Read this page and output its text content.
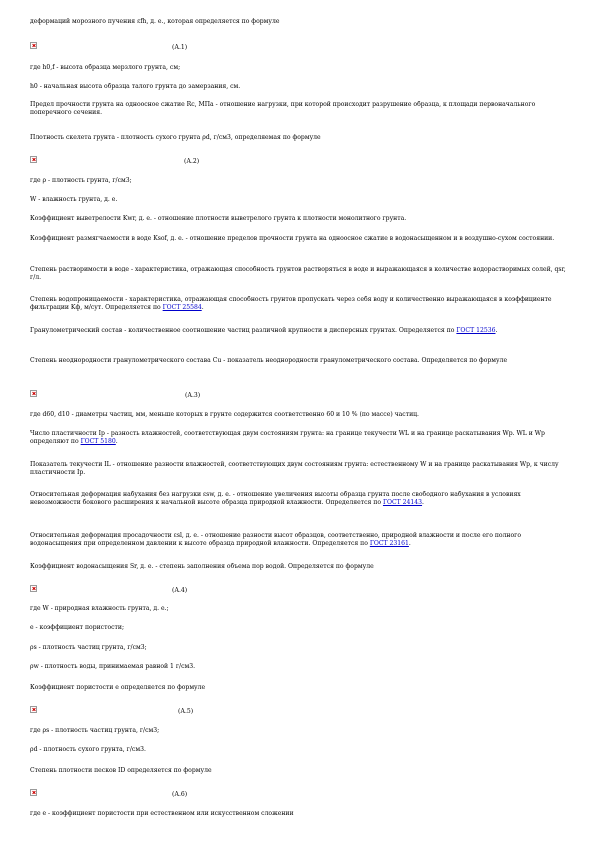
деформаций морозного пучения εfh, д. е., которая определяется по формуле
(А.1)
где h0,f - высота образца мерзлого грунта, см;
h0 - начальная высота образца талого грунта до замерзания, см.
Предел прочности грунта на одноосное сжатие Rc, МПа - отношение нагрузки, при которой происходит разрушение образца, к площади первоначального поперечного сечения.
Плотность скелета грунта - плотность сухого грунта ρd, г/см3, определяемая по формуле
(А.2)
где ρ - плотность грунта, г/см3;
W - влажность грунта, д. е.
Коэффициент выветрелости Kwr, д. е. - отношение плотности выветрелого грунта к плотности монолитного грунта.
Коэффициент размягчаемости в воде Ksof, д. е. - отношение пределов прочности грунта на одноосное сжатие в водонасыщенном и в воздушно-сухом состоянии.
Степень растворимости в воде - характеристика, отражающая способность грунтов растворяться в воде и выражающаяся в количестве водорастворимых солей, qsr, г/л.
Степень водопроницаемости - характеристика, отражающая способность грунтов пропускать через себя воду и количественно выражающаяся в коэффициенте фильтрации Kф, м/сут. Определяется по ГОСТ 25584.
Гранулометрический состав - количественное соотношение частиц различной крупности в дисперсных грунтах. Определяется по ГОСТ 12536.
Степень неоднородности гранулометрического состава Cu - показатель неоднородности гранулометрического состава. Определяется по формуле
(А.3)
где d60, d10 - диаметры частиц, мм, меньше которых в грунте содержится соответственно 60 и 10 % (по массе) частиц.
Число пластичности Ip - разность влажностей, соответствующая двум состояниям грунта: на границе текучести WL и на границе раскатывания Wp. WL и Wp определяют по ГОСТ 5180.
Показатель текучести IL - отношение разности влажностей, соответствующих двум состояниям грунта: естественному W и на границе раскатывания Wp, к числу пластичности Ip.
Относительная деформация набухания без нагрузки εsw, д. е. - отношение увеличения высоты образца грунта после свободного набухания в условиях невозможности бокового расширения к начальной высоте образца природной влажности. Определяется по ГОСТ 24143.
Относительная деформация просадочности εsl, д. е. - отношение разности высот образцов, соответственно, природной влажности и после его полного водонасыщения при определенном давлении к высоте образца природной влажности. Определяется по ГОСТ 23161.
Коэффициент водонасыщения Sr, д. е. - степень заполнения объема пор водой. Определяется по формуле
(А.4)
где W - природная влажность грунта, д. е.;
e - коэффициент пористости;
ρs - плотность частиц грунта, г/см3;
ρw - плотность воды, принимаемая равной 1 г/см3.
Коэффициент пористости e определяется по формуле
(А.5)
где ρs - плотность частиц грунта, г/см3;
ρd - плотность сухого грунта, г/см3.
Степень плотности песков ID определяется по формуле
(А.6)
где e - коэффициент пористости при естественном или искусственном сложении
